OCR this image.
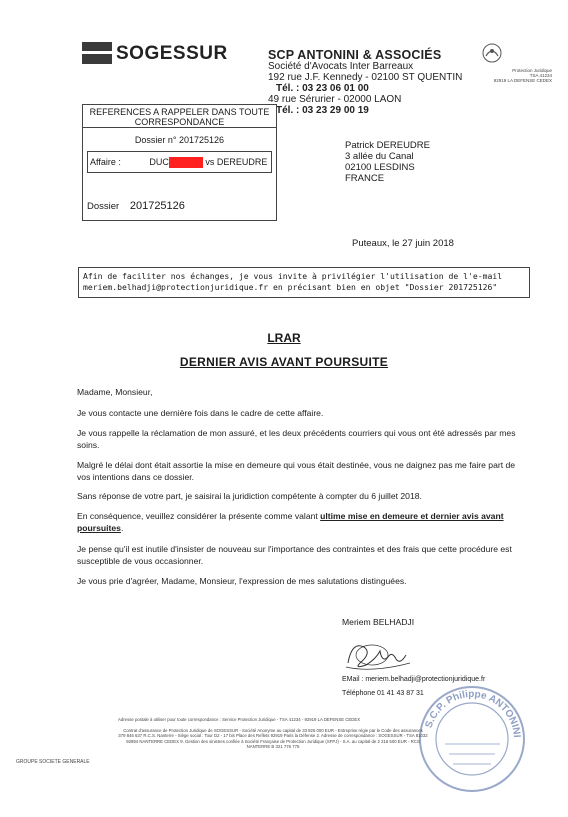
SOGESSUR	SCP ANTONINI & ASSOCIÉS
Société d'Avocats Inter Barreaux
192 rue J.F. Kennedy - 02100 ST QUENTIN
Tél. : 03 23 06 01 00
49 rue Sérurier - 02000 LAON
Tél. : 03 23 29 00 19
Protection Juridique
TSA 41234
92919 LA DEFENSE CEDEX
REFERENCES A RAPPELER DANS TOUTE CORRESPONDANCE
Dossier n° 201725126
Affaire :	DUC	vs DEREUDRE
Dossier 201725126
Patrick DEREUDRE
3 allée du Canal
02100 LESDINS
FRANCE
Puteaux, le 27 juin 2018
Afin de faciliter nos échanges, je vous invite à privilégier l'utilisation de l'e-mail
meriem.belhadji@protectionjuridique.fr en précisant bien en objet "Dossier 201725126"
LRAR
DERNIER AVIS AVANT POURSUITE
Madame, Monsieur,
Je vous contacte une dernière fois dans le cadre de cette affaire.
Je vous rappelle la réclamation de mon assuré, et les deux précédents courriers qui vous ont été adressés par mes soins.
Malgré le délai dont était assortie la mise en demeure qui vous était destinée, vous ne daignez pas me faire part de vos intentions dans ce dossier.
Sans réponse de votre part, je saisirai la juridiction compétente à compter du 6 juillet 2018.
En conséquence, veuillez considérer la présente comme valant ultime mise en demeure et dernier avis avant poursuites.
Je pense qu'il est inutile d'insister de nouveau sur l'importance des contraintes et des frais que cette procédure est susceptible de vous occasionner.
Je vous prie d'agréer, Madame, Monsieur, l'expression de mes salutations distinguées.
Meriem BELHADJI
EMail : meriem.belhadji@protectionjuridique.fr
Téléphone 01 41 43 87 31
S.C.P. Philippe ANTONINI
Adresse postale à utiliser pour toute correspondance : Service Protection Juridique - TSA 41234 - 92919 LA DEFENSE CEDEX
Contrat d'assurance de Protection Juridique de SOGESSUR - Société Anonyme au capital de 33 825 000 EUR - Entreprise régie par le Code des assurances
379 846 637 R.C.S. Nanterre - Siège social : Tour D2 - 17 bis Place des Reflets 92919 Paris la Défense 2. Adresse de correspondance : SOGESSUR - TSA 81032
92894 NANTERRE CEDEX 9. Gestion des sinistres confiée à Société Française de Protection Juridique (SFPJ) - S.A. au capital de 2 216 500 EUR - RCS
NANTERRE B 321 776 775
GROUPE SOCIETE GENERALE
